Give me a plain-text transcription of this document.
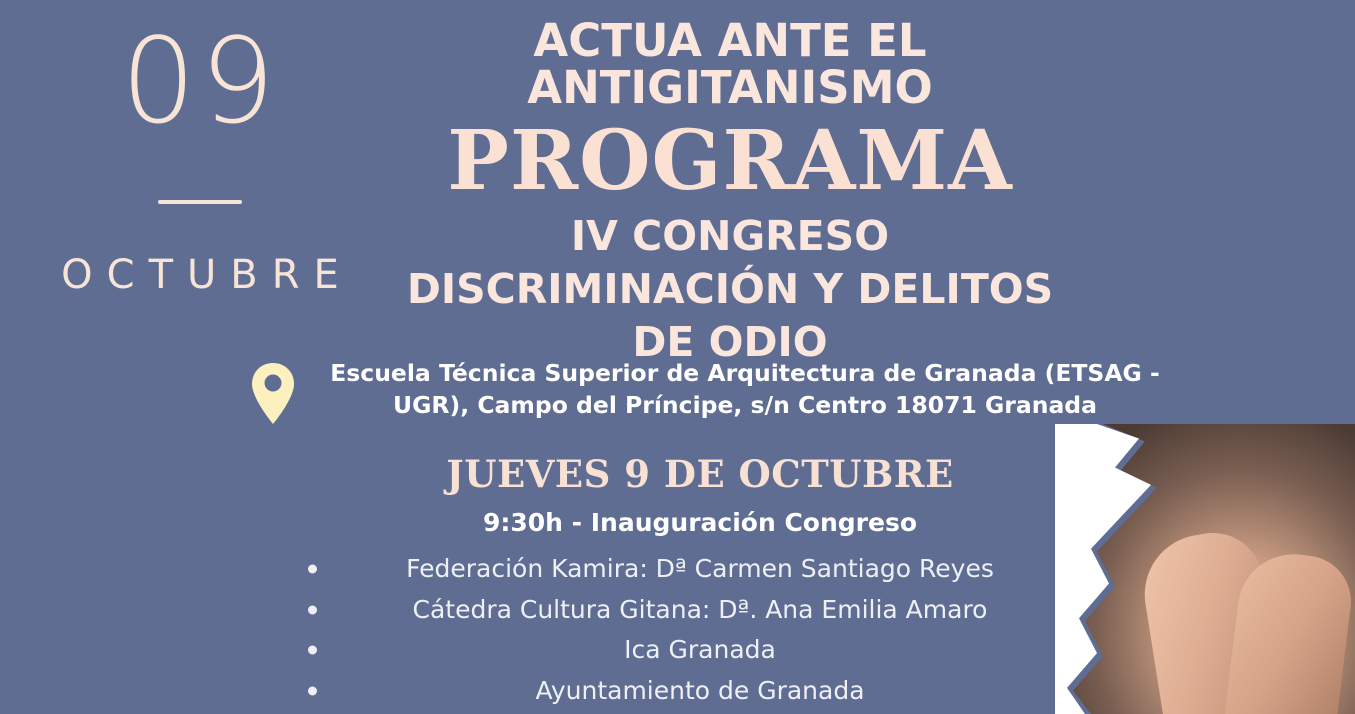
09
OCTUBRE
ACTUA ANTE EL
ANTIGITANISMO
PROGRAMA
IV CONGRESO
DISCRIMINACIÓN Y DELITOS
DE ODIO
Escuela Técnica Superior de Arquitectura de Granada (ETSAG - UGR), Campo del Príncipe, s/n Centro 18071 Granada
JUEVES 9 DE OCTUBRE
9:30h - Inauguración Congreso
Federación Kamira: Dª Carmen Santiago Reyes
Cátedra Cultura Gitana: Dª. Ana Emilia Amaro
Ica Granada
Ayuntamiento de Granada
